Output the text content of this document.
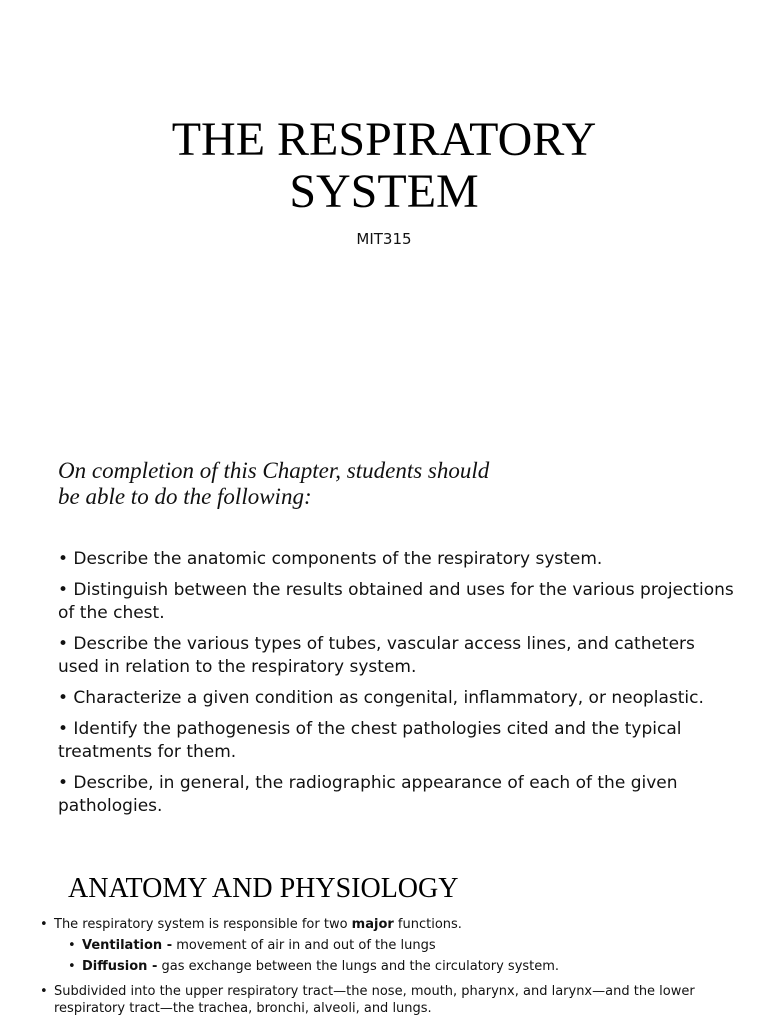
THE RESPIRATORY
SYSTEM
MIT315
On completion of this Chapter, students should
be able to do the following:
• Describe the anatomic components of the respiratory system.
• Distinguish between the results obtained and uses for the various projections of the chest.
• Describe the various types of tubes, vascular access lines, and catheters used in relation to the respiratory system.
• Characterize a given condition as congenital, inflammatory, or neoplastic.
• Identify the pathogenesis of the chest pathologies cited and the typical treatments for them.
• Describe, in general, the radiographic appearance of each of the given pathologies.
ANATOMY AND PHYSIOLOGY
• The respiratory system is responsible for two major functions.
• Ventilation - movement of air in and out of the lungs
• Diffusion - gas exchange between the lungs and the circulatory system.
• Subdivided into the upper respiratory tract—the nose, mouth, pharynx, and larynx—and the lower respiratory tract—the trachea, bronchi, alveoli, and lungs.
